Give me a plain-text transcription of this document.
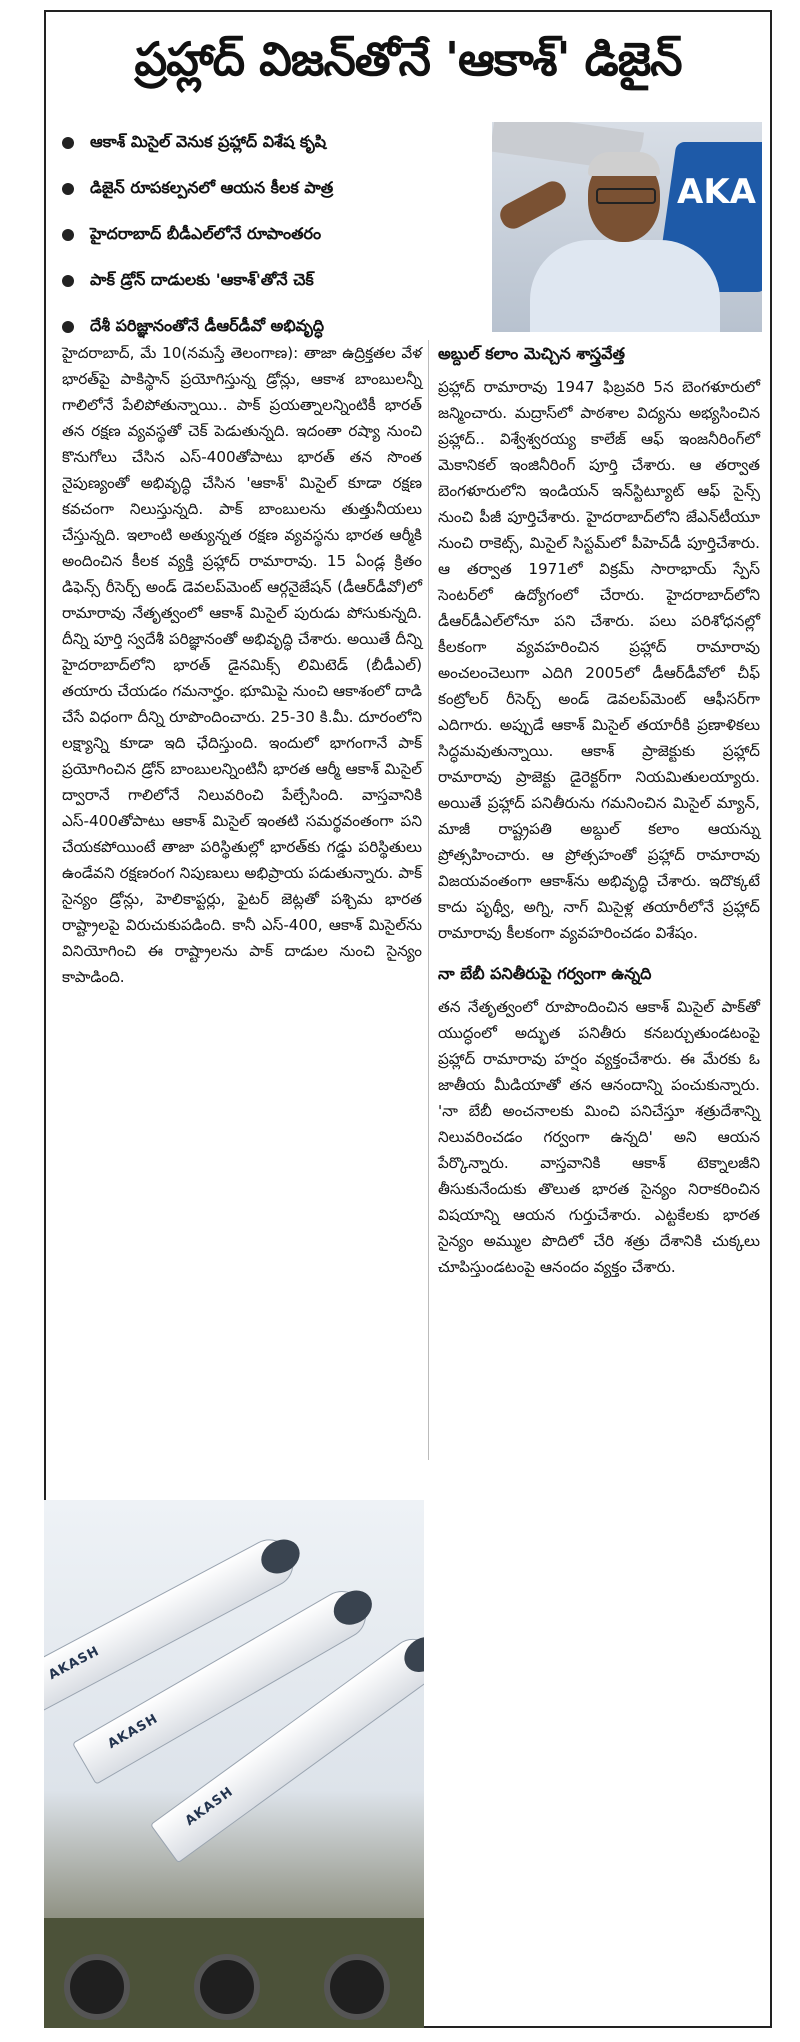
ప్రహ్లాద్ విజన్‌తోనే 'ఆకాశ్' డిజైన్
ఆకాశ్ మిసైల్ వెనుక ప్రహ్లాద్ విశేష కృషి
డిజైన్ రూపకల్పనలో ఆయన కీలక పాత్ర
హైదరాబాద్ బీడీఎల్‌లోనే రూపాంతరం
పాక్ డ్రోన్ దాడులకు 'ఆకాశ్'తోనే చెక్
దేశీ పరిజ్ఞానంతోనే డీఆర్‌డీవో అభివృద్ధి
AKA

హైదరాబాద్, మే 10(నమస్తే తెలంగాణ): తాజా ఉద్రిక్తతల వేళ భారత్‌పై పాకిస్థాన్ ప్రయోగిస్తున్న డ్రోన్లు, ఆకాశ బాంబులన్నీ గాలిలోనే పేలిపోతున్నాయి.. పాక్ ప్రయత్నాలన్నింటికీ భారత్ తన రక్షణ వ్యవస్థతో చెక్ పెడుతున్నది. ఇదంతా రష్యా నుంచి కొనుగోలు చేసిన ఎస్-400తోపాటు భారత్ తన సొంత నైపుణ్యంతో అభివృద్ధి చేసిన 'ఆకాశ్' మిసైల్ కూడా రక్షణ కవచంగా నిలుస్తున్నది. పాక్ బాంబులను తుత్తునీయలు చేస్తున్నది. ఇలాంటి అత్యున్నత రక్షణ వ్యవస్థను భారత ఆర్మీకి అందించిన కీలక వ్యక్తి ప్రహ్లాద్ రామారావు. 15 ఏండ్ల క్రితం డిఫెన్స్ రీసెర్చ్ అండ్ డెవలప్‌మెంట్ ఆర్గనైజేషన్ (డీఆర్‌డీవో)లో రామారావు నేతృత్వంలో ఆకాశ్ మిసైల్ పురుడు పోసుకున్నది. దీన్ని పూర్తి స్వదేశీ పరిజ్ఞానంతో అభివృద్ధి చేశారు. అయితే దీన్ని హైదరాబాద్‌లోని భారత్ డైనమిక్స్ లిమిటెడ్ (బీడీఎల్) తయారు చేయడం గమనార్హం. భూమిపై నుంచి ఆకాశంలో దాడి చేసే విధంగా దీన్ని రూపొందించారు. 25-30 కి.మీ. దూరంలోని లక్ష్యాన్ని కూడా ఇది ఛేదిస్తుంది. ఇందులో భాగంగానే పాక్ ప్రయోగించిన డ్రోన్ బాంబులన్నింటినీ భారత ఆర్మీ ఆకాశ్ మిసైల్ ద్వారానే గాలిలోనే నిలువరించి పేల్చేసింది. వాస్తవానికి ఎస్-400తోపాటు ఆకాశ్ మిసైల్ ఇంతటి సమర్థవంతంగా పని చేయకపోయింటే తాజా పరిస్థితుల్లో భారత్‌కు గడ్డు పరిస్థితులు ఉండేవని రక్షణరంగ నిపుణులు అభిప్రాయ పడుతున్నారు. పాక్ సైన్యం డ్రోన్లు, హెలికాప్టర్లు, ఫైటర్ జెట్లతో పశ్చిమ భారత రాష్ట్రాలపై విరుచుకుపడింది. కానీ ఎస్-400, ఆకాశ్ మిసైల్‌ను వినియోగించి ఈ రాష్ట్రాలను పాక్ దాడుల నుంచి సైన్యం కాపాడింది.

అబ్దుల్ కలాం మెచ్చిన శాస్త్రవేత్త

ప్రహ్లాద్ రామారావు 1947 ఫిబ్రవరి 5న బెంగళూరులో జన్మించారు. మద్రాస్‌లో పాఠశాల విద్యను అభ్యసించిన ప్రహ్లాద్.. విశ్వేశ్వరయ్య కాలేజ్ ఆఫ్ ఇంజనీరింగ్‌లో మెకానికల్ ఇంజినీరింగ్ పూర్తి చేశారు. ఆ తర్వాత బెంగళూరులోని ఇండియన్ ఇన్‌స్టిట్యూట్ ఆఫ్ సైన్స్ నుంచి పీజీ పూర్తిచేశారు. హైదరాబాద్‌లోని జేఎన్‌టీయూ నుంచి రాకెట్స్, మిసైల్ సిస్టమ్‌లో పీహెచ్‌డీ పూర్తిచేశారు. ఆ తర్వాత 1971లో విక్రమ్ సారాభాయ్ స్పేస్ సెంటర్‌లో ఉద్యోగంలో చేరారు. హైదరాబాద్‌లోని డీఆర్‌డీఎల్‌లోనూ పని చేశారు. పలు పరిశోధనల్లో కీలకంగా వ్యవహరించిన ప్రహ్లాద్ రామారావు అంచలంచెలుగా ఎదిగి 2005లో డీఆర్‌డీవోలో చీఫ్ కంట్రోలర్ రీసెర్చ్ అండ్ డెవలప్‌మెంట్ ఆఫీసర్‌గా ఎదిగారు. అప్పుడే ఆకాశ్ మిసైల్ తయారీకి ప్రణాళికలు సిద్ధమవుతున్నాయి. ఆకాశ్ ప్రాజెక్టుకు ప్రహ్లాద్ రామారావు ప్రాజెక్టు డైరెక్టర్‌గా నియమితులయ్యారు. అయితే ప్రహ్లాద్ పనితీరును గమనించిన మిసైల్ మ్యాన్, మాజీ రాష్ట్రపతి అబ్దుల్ కలాం ఆయన్ను ప్రోత్సహించారు. ఆ ప్రోత్సహంతో ప్రహ్లాద్ రామారావు విజయవంతంగా ఆకాశ్‌ను అభివృద్ధి చేశారు. ఇదొక్కటే కాదు పృథ్వీ, అగ్ని, నాగ్ మిసైళ్ల తయారీలోనే ప్రహ్లాద్ రామారావు కీలకంగా వ్యవహరించడం విశేషం.

నా బేబీ పనితీరుపై గర్వంగా ఉన్నది

తన నేతృత్వంలో రూపొందించిన ఆకాశ్ మిసైల్ పాక్‌తో యుద్ధంలో అద్భుత పనితీరు కనబర్చుతుండటంపై ప్రహ్లాద్ రామారావు హర్షం వ్యక్తంచేశారు. ఈ మేరకు ఓ జాతీయ మీడియాతో తన ఆనందాన్ని పంచుకున్నారు. 'నా బేబీ అంచనాలకు మించి పనిచేస్తూ శత్రుదేశాన్ని నిలువరించడం గర్వంగా ఉన్నది' అని ఆయన పేర్కొన్నారు. వాస్తవానికి ఆకాశ్ టెక్నాలజీని తీసుకునేందుకు తొలుత భారత సైన్యం నిరాకరించిన విషయాన్ని ఆయన గుర్తుచేశారు. ఎట్టకేలకు భారత సైన్యం అమ్ముల పొదిలో చేరి శత్రు దేశానికి చుక్కలు చూపిస్తుండటంపై ఆనందం వ్యక్తం చేశారు.

AKASH
AKASH
AKASH
